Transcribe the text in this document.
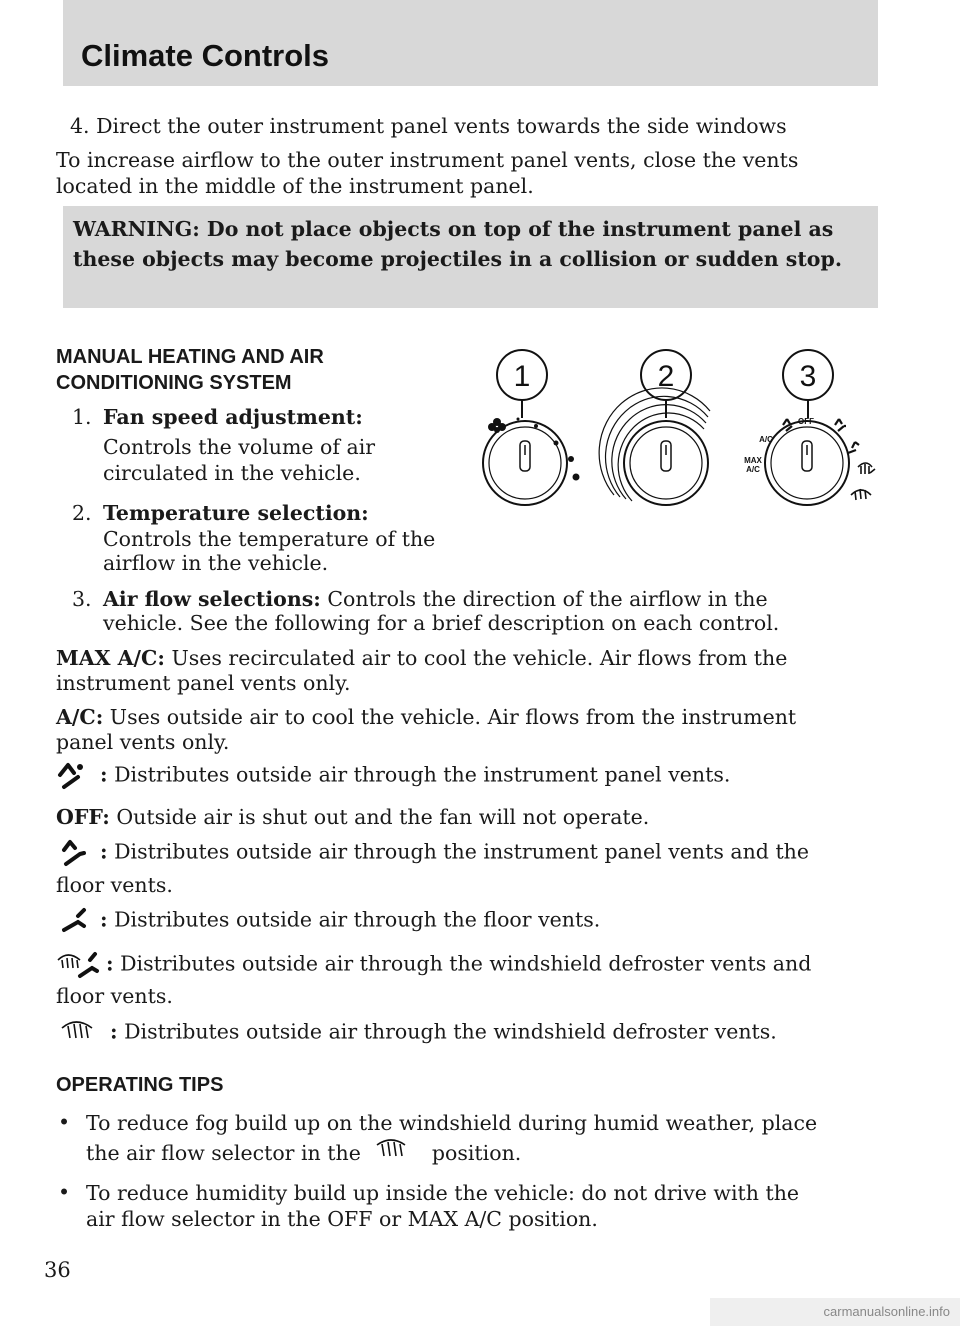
Climate Controls
4. Direct the outer instrument panel vents towards the side windows
To increase airflow to the outer instrument panel vents, close the vents
located in the middle of the instrument panel.

WARNING: Do not place objects on top of the instrument panel as these objects may become projectiles in a collision or sudden stop.

MANUAL HEATING AND AIR
CONDITIONING SYSTEM
1. Fan speed adjustment:
Controls the volume of air
circulated in the vehicle.
2. Temperature selection:
Controls the temperature of the
airflow in the vehicle.
3. Air flow selections: Controls the direction of the airflow in the
vehicle. See the following for a brief description on each control.
1	2	3
OFF
A/C
MAX
A/C
MAX A/C: Uses recirculated air to cool the vehicle. Air flows from the
instrument panel vents only.
A/C: Uses outside air to cool the vehicle. Air flows from the instrument
panel vents only.
: Distributes outside air through the instrument panel vents.
OFF: Outside air is shut out and the fan will not operate.
: Distributes outside air through the instrument panel vents and the
floor vents.
: Distributes outside air through the floor vents.
: Distributes outside air through the windshield defroster vents and
floor vents.
: Distributes outside air through the windshield defroster vents.
OPERATING TIPS
• To reduce fog build up on the windshield during humid weather, place
the air flow selector in the	position.
• To reduce humidity build up inside the vehicle: do not drive with the
air flow selector in the OFF or MAX A/C position.
36
carmanualsonline.info
